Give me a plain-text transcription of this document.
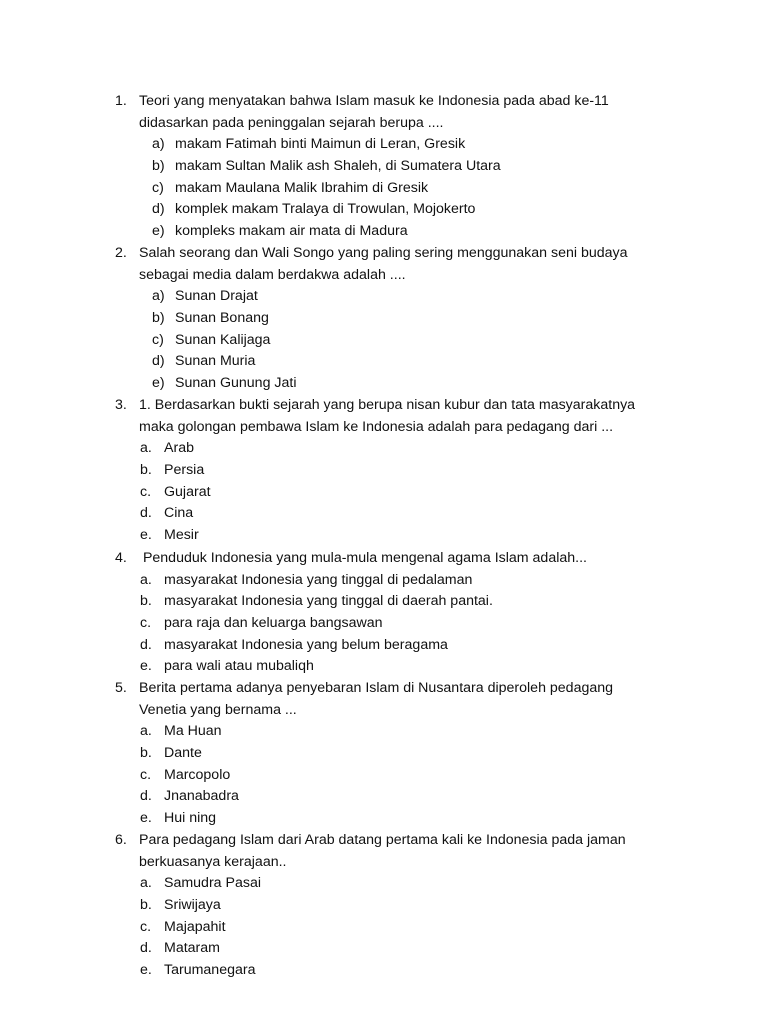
1. Teori yang menyatakan bahwa Islam masuk ke Indonesia pada abad ke-11
didasarkan pada peninggalan sejarah berupa ....
a) makam Fatimah binti Maimun di Leran, Gresik
b) makam Sultan Malik ash Shaleh, di Sumatera Utara
c) makam Maulana Malik Ibrahim di Gresik
d) komplek makam Tralaya di Trowulan, Mojokerto
e) kompleks makam air mata di Madura
2. Salah seorang dan Wali Songo yang paling sering menggunakan seni budaya
sebagai media dalam berdakwa adalah ....
a) Sunan Drajat
b) Sunan Bonang
c) Sunan Kalijaga
d) Sunan Muria
e) Sunan Gunung Jati
3. 1. Berdasarkan bukti sejarah yang berupa nisan kubur dan tata masyarakatnya
maka golongan pembawa Islam ke Indonesia adalah para pedagang dari ...
a. Arab
b. Persia
c. Gujarat
d. Cina
e. Mesir
4. Penduduk Indonesia yang mula-mula mengenal agama Islam adalah...
a. masyarakat Indonesia yang tinggal di pedalaman
b. masyarakat Indonesia yang tinggal di daerah pantai.
c. para raja dan keluarga bangsawan
d. masyarakat Indonesia yang belum beragama
e. para wali atau mubaliqh
5. Berita pertama adanya penyebaran Islam di Nusantara diperoleh pedagang
Venetia yang bernama ...
a. Ma Huan
b. Dante
c. Marcopolo
d. Jnanabadra
e. Hui ning
6. Para pedagang Islam dari Arab datang pertama kali ke Indonesia pada jaman
berkuasanya kerajaan..
a. Samudra Pasai
b. Sriwijaya
c. Majapahit
d. Mataram
e. Tarumanegara
